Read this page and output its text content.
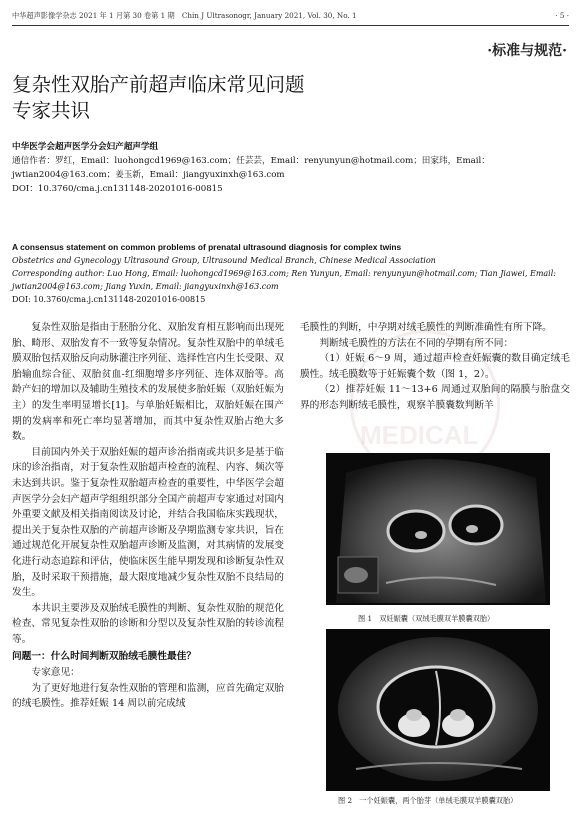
中华超声影像学杂志 2021 年 1 月第 30 卷第 1 期　Chin J Ultrasonogr, January 2021, Vol. 30, No. 1	· 5 ·
·标准与规范·
MEDICAL
复杂性双胎产前超声临床常见问题
专家共识
中华医学会超声医学分会妇产超声学组
通信作者：罗红，Email：luohongcd1969@163.com；任芸芸，Email：renyunyun@hotmail.com；田家玮，Email：jwtian2004@163.com；姜玉新，Email：jiangyuxinxh@163.com
DOI：10.3760/cma.j.cn131148-20201016-00815
A consensus statement on common problems of prenatal ultrasound diagnosis for complex twins
Obstetrics and Gynecology Ultrasound Group, Ultrasound Medical Branch, Chinese Medical Association
Corresponding author: Luo Hong, Email: luohongcd1969@163.com; Ren Yunyun, Email: renyunyun@hotmail.com; Tian Jiawei, Email: jwtian2004@163.com; Jiang Yuxin, Email: jiangyuxinxh@163.com
DOI: 10.3760/cma.j.cn131148-20201016-00815

复杂性双胎是指由于胚胎分化、双胎发育相互影响而出现死胎、畸形、双胎发育不一致等复杂情况。复杂性双胎中的单绒毛膜双胎包括双胎反向动脉灌注序列征、选择性宫内生长受限、双胎输血综合征、双胎贫血-红细胞增多序列征、连体双胎等。高龄产妇的增加以及辅助生殖技术的发展使多胎妊娠（双胎妊娠为主）的发生率明显增长[1]。与单胎妊娠相比，双胎妊娠在围产期的发病率和死亡率均显著增加，而其中复杂性双胎占绝大多数。

目前国内外关于双胎妊娠的超声诊治指南或共识多是基于临床的诊治指南，对于复杂性双胎超声检查的流程、内容、频次等未达到共识。鉴于复杂性双胎超声检查的重要性，中华医学会超声医学分会妇产超声学组组织部分全国产前超声专家通过对国内外重要文献及相关指南阅读及讨论，并结合我国临床实践现状，提出关于复杂性双胎的产前超声诊断及孕期监测专家共识，旨在通过规范化开展复杂性双胎超声诊断及监测，对其病情的发展变化进行动态追踪和评估，使临床医生能早期发现和诊断复杂性双胎，及时采取干预措施，最大限度地减少复杂性双胎不良结局的发生。

本共识主要涉及双胎绒毛膜性的判断、复杂性双胎的规范化检查、常见复杂性双胎的诊断和分型以及复杂性双胎的转诊流程等。

问题一：什么时间判断双胎绒毛膜性最佳？

专家意见：

为了更好地进行复杂性双胎的管理和监测，应首先确定双胎的绒毛膜性。推荐妊娠 14 周以前完成绒

毛膜性的判断，中孕期对绒毛膜性的判断准确性有所下降。

判断绒毛膜性的方法在不同的孕期有所不同：

（1）妊娠 6～9 周，通过超声检查妊娠囊的数目确定绒毛膜性。绒毛膜数等于妊娠囊个数（图 1，2）。

（2）推荐妊娠 11～13+6 周通过双胎间的隔膜与胎盘交界的形态判断绒毛膜性，观察羊膜囊数判断羊

图 1　双妊娠囊（双绒毛膜双羊膜囊双胎）
图 2　一个妊娠囊，两个胎芽（单绒毛膜双羊膜囊双胎）
